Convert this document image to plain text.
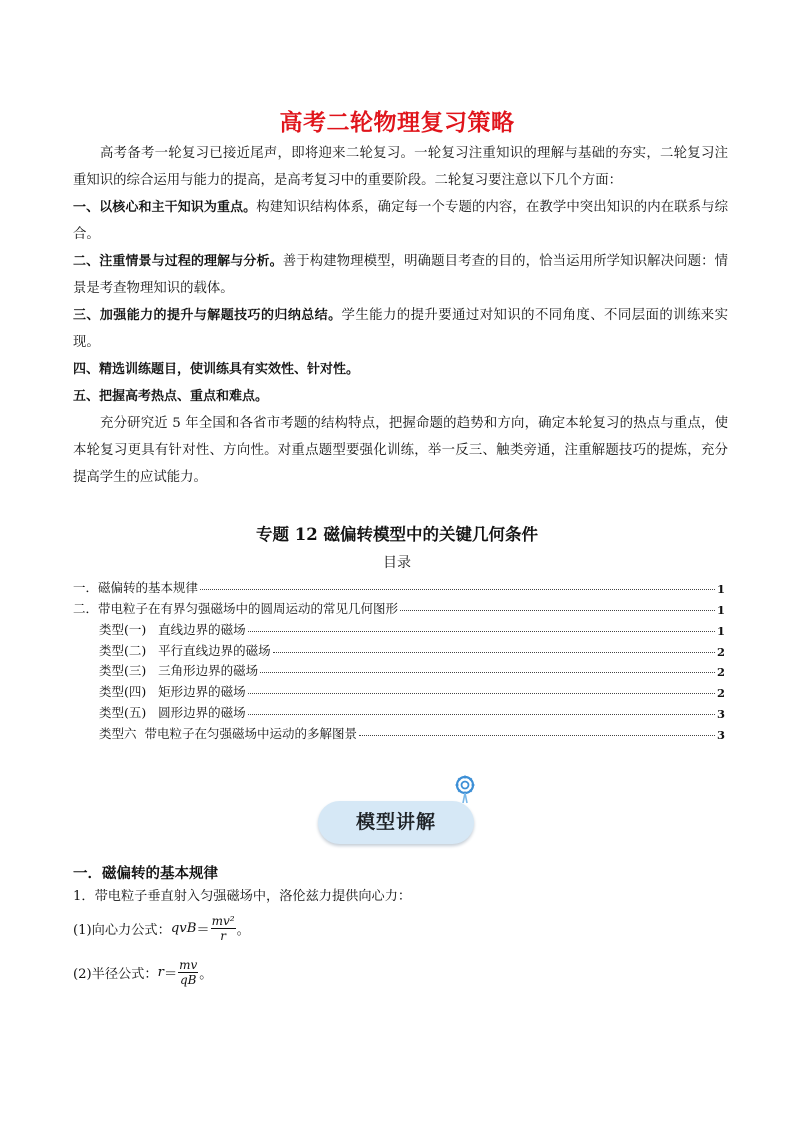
高考二轮物理复习策略

高考备考一轮复习已接近尾声，即将迎来二轮复习。一轮复习注重知识的理解与基础的夯实，二轮复习注重知识的综合运用与能力的提高，是高考复习中的重要阶段。二轮复习要注意以下几个方面：

一、以核心和主干知识为重点。构建知识结构体系，确定每一个专题的内容，在教学中突出知识的内在联系与综合。

二、注重情景与过程的理解与分析。善于构建物理模型，明确题目考查的目的，恰当运用所学知识解决问题：情景是考查物理知识的载体。

三、加强能力的提升与解题技巧的归纳总结。学生能力的提升要通过对知识的不同角度、不同层面的训练来实现。

四、精选训练题目，使训练具有实效性、针对性。

五、把握高考热点、重点和难点。

充分研究近 5 年全国和各省市考题的结构特点，把握命题的趋势和方向，确定本轮复习的热点与重点，使本轮复习更具有针对性、方向性。对重点题型要强化训练，举一反三、触类旁通，注重解题技巧的提炼，充分提高学生的应试能力。

专题 12 磁偏转模型中的关键几何条件
目录
一．磁偏转的基本规律	1
二．带电粒子在有界匀强磁场中的圆周运动的常见几何图形	1
类型(一)   直线边界的磁场	1
类型(二)   平行直线边界的磁场	2
类型(三)   三角形边界的磁场	2
类型(四)   矩形边界的磁场	2
类型(五)   圆形边界的磁场	3
类型六  带电粒子在匀强磁场中运动的多解图景	3
模型讲解
一．磁偏转的基本规律
1．带电粒子垂直射入匀强磁场中，洛伦兹力提供向心力：
(1)向心力公式： qvB ＝ $\frac{\text{mv²}}{r}$ 。
(2)半径公式： $r = \frac{mv}{qB}$ 。
